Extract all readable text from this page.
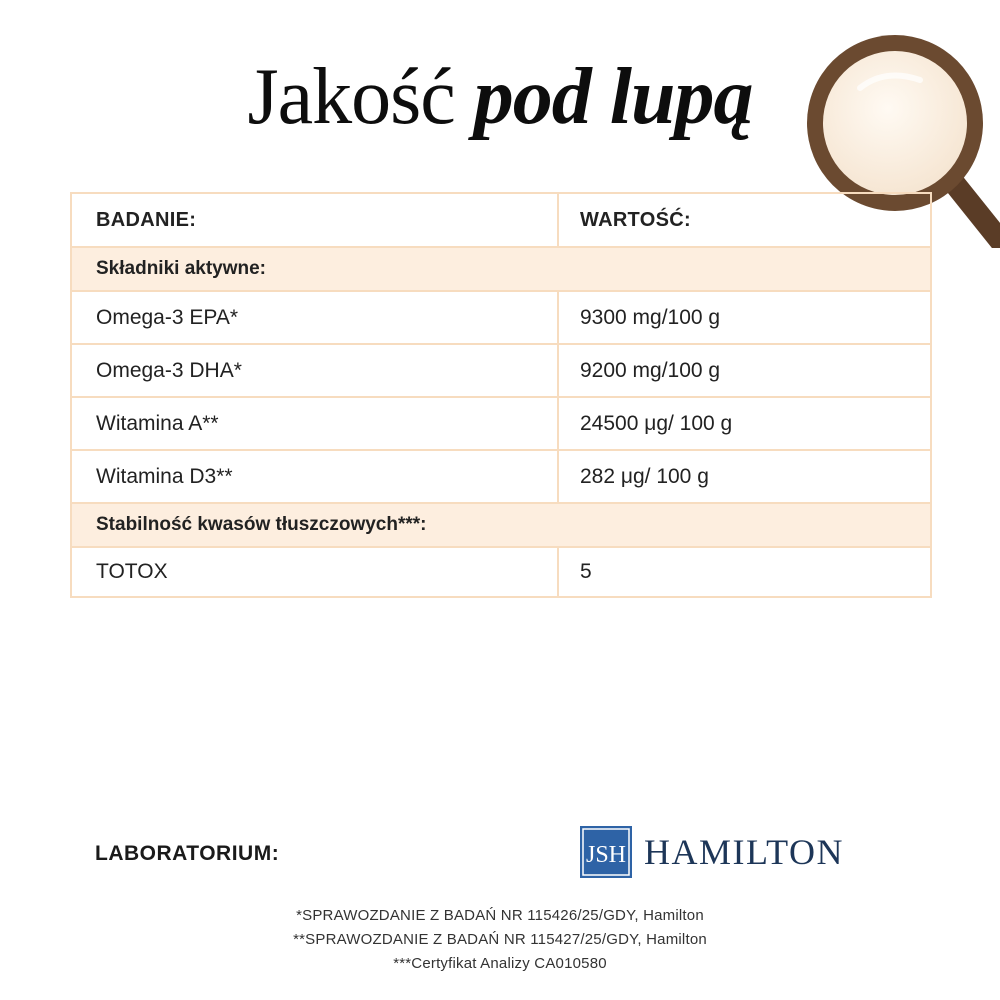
Jakość pod lupą
BADANIE:	WARTOŚĆ:
Składniki aktywne:
Omega-3 EPA*	9300 mg/100 g
Omega-3 DHA*	9200 mg/100 g
Witamina A**	24500 μg/ 100 g
Witamina D3**	282 μg/ 100 g
Stabilność kwasów tłuszczowych***:
TOTOX	5
LABORATORIUM:	JSH HAMILTON
*SPRAWOZDANIE Z BADAŃ NR 115426/25/GDY, Hamilton
**SPRAWOZDANIE Z BADAŃ NR 115427/25/GDY, Hamilton
***Certyfikat Analizy CA010580
